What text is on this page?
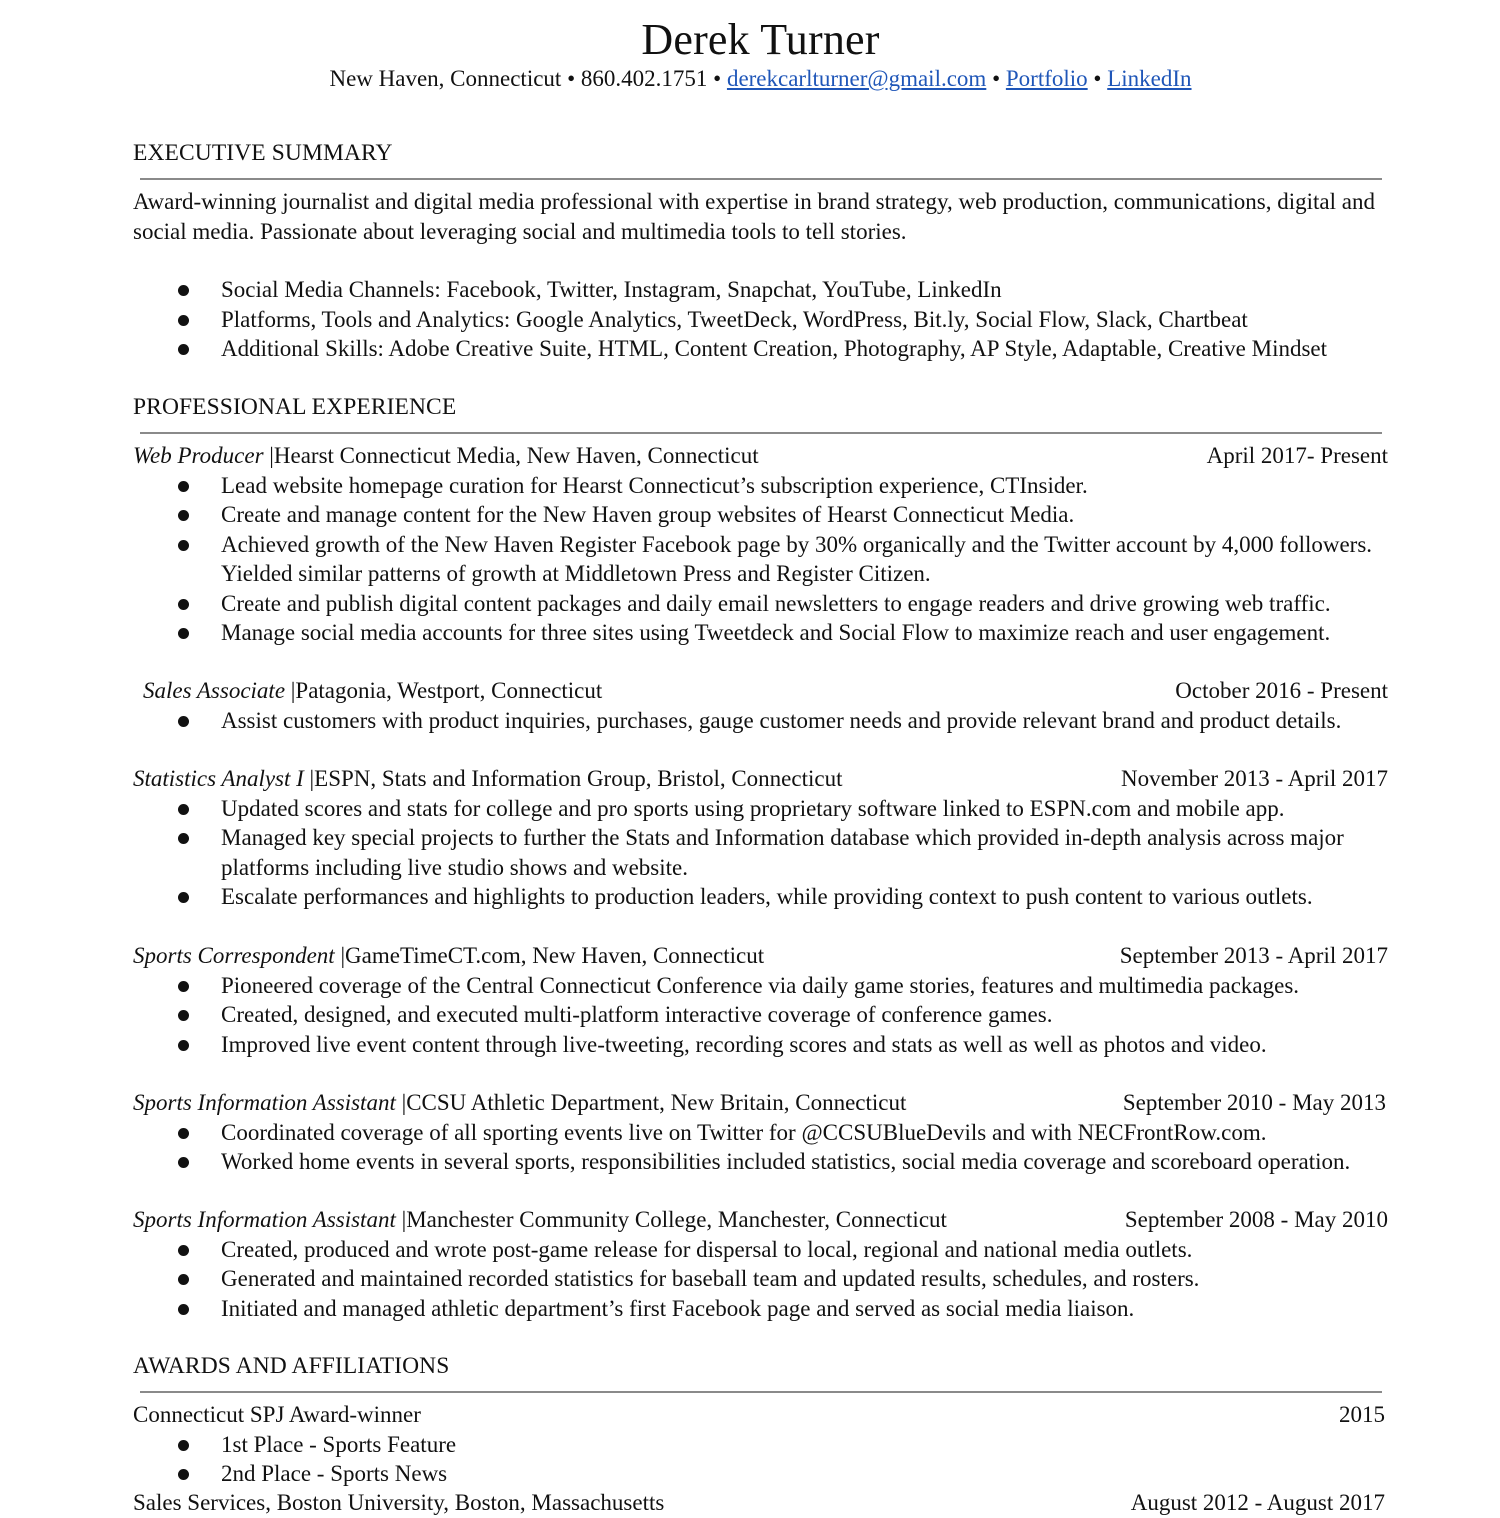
Derek Turner
New Haven, Connecticut • 860.402.1751 • derekcarlturner@gmail.com • Portfolio • LinkedIn
EXECUTIVE SUMMARY
Award-winning journalist and digital media professional with expertise in brand strategy, web production, communications, digital and
social media. Passionate about leveraging social and multimedia tools to tell stories.
Social Media Channels: Facebook, Twitter, Instagram, Snapchat, YouTube, LinkedIn
Platforms, Tools and Analytics: Google Analytics, TweetDeck, WordPress, Bit.ly, Social Flow, Slack, Chartbeat
Additional Skills: Adobe Creative Suite, HTML, Content Creation, Photography, AP Style, Adaptable, Creative Mindset
PROFESSIONAL EXPERIENCE
Web Producer |Hearst Connecticut Media, New Haven, Connecticut	April 2017- Present
Lead website homepage curation for Hearst Connecticut’s subscription experience, CTInsider.
Create and manage content for the New Haven group websites of Hearst Connecticut Media.
Achieved growth of the New Haven Register Facebook page by 30% organically and the Twitter account by 4,000 followers. Yielded similar patterns of growth at Middletown Press and Register Citizen.
Create and publish digital content packages and daily email newsletters to engage readers and drive growing web traffic.
Manage social media accounts for three sites using Tweetdeck and Social Flow to maximize reach and user engagement.
Sales Associate |Patagonia, Westport, Connecticut	October 2016 - Present
Assist customers with product inquiries, purchases, gauge customer needs and provide relevant brand and product details.
Statistics Analyst I |ESPN, Stats and Information Group, Bristol, Connecticut	November 2013 - April 2017
Updated scores and stats for college and pro sports using proprietary software linked to ESPN.com and mobile app.
Managed key special projects to further the Stats and Information database which provided in-depth analysis across major platforms including live studio shows and website.
Escalate performances and highlights to production leaders, while providing context to push content to various outlets.
Sports Correspondent |GameTimeCT.com, New Haven, Connecticut	September 2013 - April 2017
Pioneered coverage of the Central Connecticut Conference via daily game stories, features and multimedia packages.
Created, designed, and executed multi-platform interactive coverage of conference games.
Improved live event content through live-tweeting, recording scores and stats as well as well as photos and video.
Sports Information Assistant |CCSU Athletic Department, New Britain, Connecticut	September 2010 - May 2013
Coordinated coverage of all sporting events live on Twitter for @CCSUBlueDevils and with NECFrontRow.com.
Worked home events in several sports, responsibilities included statistics, social media coverage and scoreboard operation.
Sports Information Assistant |Manchester Community College, Manchester, Connecticut	September 2008 - May 2010
Created, produced and wrote post-game release for dispersal to local, regional and national media outlets.
Generated and maintained recorded statistics for baseball team and updated results, schedules, and rosters.
Initiated and managed athletic department’s first Facebook page and served as social media liaison.
AWARDS AND AFFILIATIONS
Connecticut SPJ Award-winner	2015
1st Place - Sports Feature
2nd Place - Sports News
Sales Services, Boston University, Boston, Massachusetts	August 2012 - August 2017
